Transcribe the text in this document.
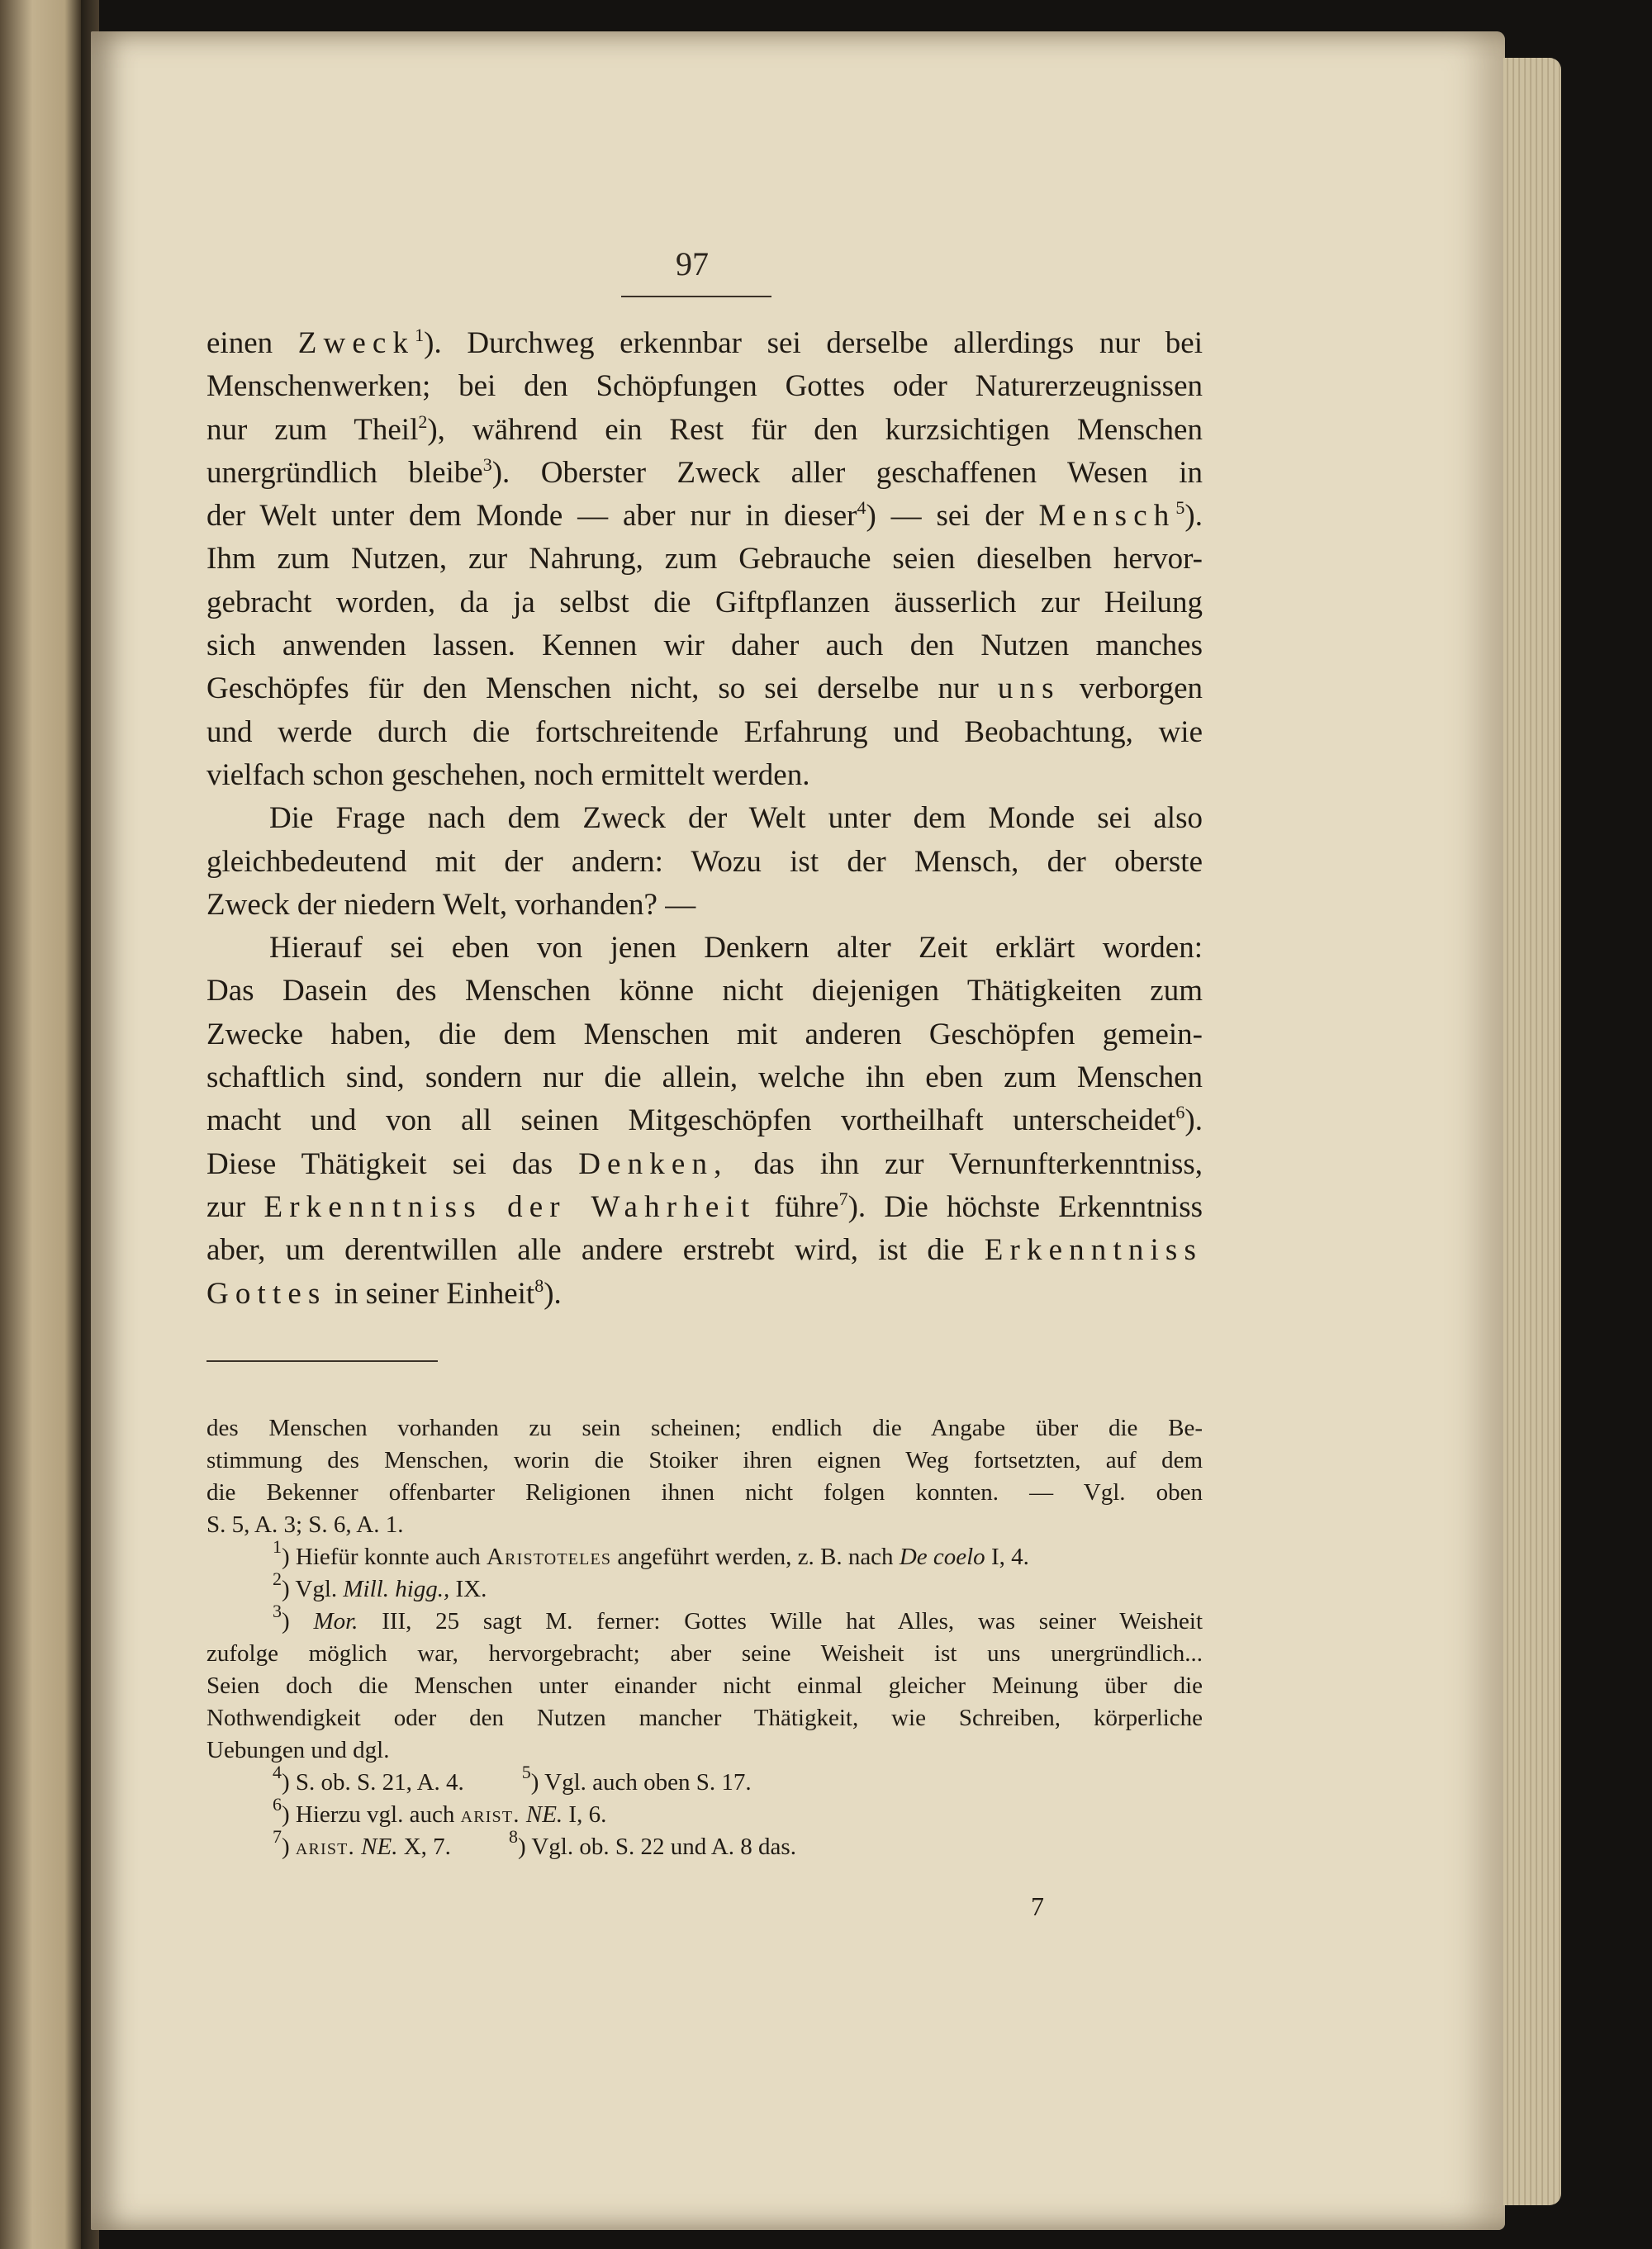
97
einen Zweck$^1$). Durchweg erkennbar sei derselbe allerdings nur bei
Menschenwerken; bei den Schöpfungen Gottes oder Naturerzeugnissen
nur zum Theil$^2$), während ein Rest für den kurzsichtigen Menschen
unergründlich bleibe$^3$). Oberster Zweck aller geschaffenen Wesen in
der Welt unter dem Monde — aber nur in dieser$^4$) — sei der Mensch$^5$).
Ihm zum Nutzen, zur Nahrung, zum Gebrauche seien dieselben hervor-
gebracht worden, da ja selbst die Giftpflanzen äusserlich zur Heilung
sich anwenden lassen. Kennen wir daher auch den Nutzen manches
Geschöpfes für den Menschen nicht, so sei derselbe nur uns verborgen
und werde durch die fortschreitende Erfahrung und Beobachtung, wie
vielfach schon geschehen, noch ermittelt werden.
Die Frage nach dem Zweck der Welt unter dem Monde sei also
gleichbedeutend mit der andern: Wozu ist der Mensch, der oberste
Zweck der niedern Welt, vorhanden? —
Hierauf sei eben von jenen Denkern alter Zeit erklärt worden:
Das Dasein des Menschen könne nicht diejenigen Thätigkeiten zum
Zwecke haben, die dem Menschen mit anderen Geschöpfen gemein-
schaftlich sind, sondern nur die allein, welche ihn eben zum Menschen
macht und von all seinen Mitgeschöpfen vortheilhaft unterscheidet$^6$).
Diese Thätigkeit sei das Denken, das ihn zur Vernunfterkenntniss,
zur Erkenntniss der Wahrheit führe$^7$). Die höchste Erkenntniss
aber, um derentwillen alle andere erstrebt wird, ist die Erkenntniss
Gottes in seiner Einheit$^8$).
des Menschen vorhanden zu sein scheinen; endlich die Angabe über die Be-
stimmung des Menschen, worin die Stoiker ihren eignen Weg fortsetzten, auf dem
die Bekenner offenbarter Religionen ihnen nicht folgen konnten. — Vgl. oben
S. 5, A. 3; S. 6, A. 1.
$^1$) Hiefür konnte auch Aristoteles angeführt werden, z. B. nach De coelo I, 4.
$^2$) Vgl. Mill. higg., IX.
$^3$) Mor. III, 25 sagt M. ferner: Gottes Wille hat Alles, was seiner Weisheit
zufolge möglich war, hervorgebracht; aber seine Weisheit ist uns unergründlich...
Seien doch die Menschen unter einander nicht einmal gleicher Meinung über die
Nothwendigkeit oder den Nutzen mancher Thätigkeit, wie Schreiben, körperliche
Uebungen und dgl.
$^4$) S. ob. S. 21, A. 4.	$^5$) Vgl. auch oben S. 17.
$^6$) Hierzu vgl. auch arist. NE. I, 6.
$^7$) arist. NE. X, 7.	$^8$) Vgl. ob. S. 22 und A. 8 das.
7
